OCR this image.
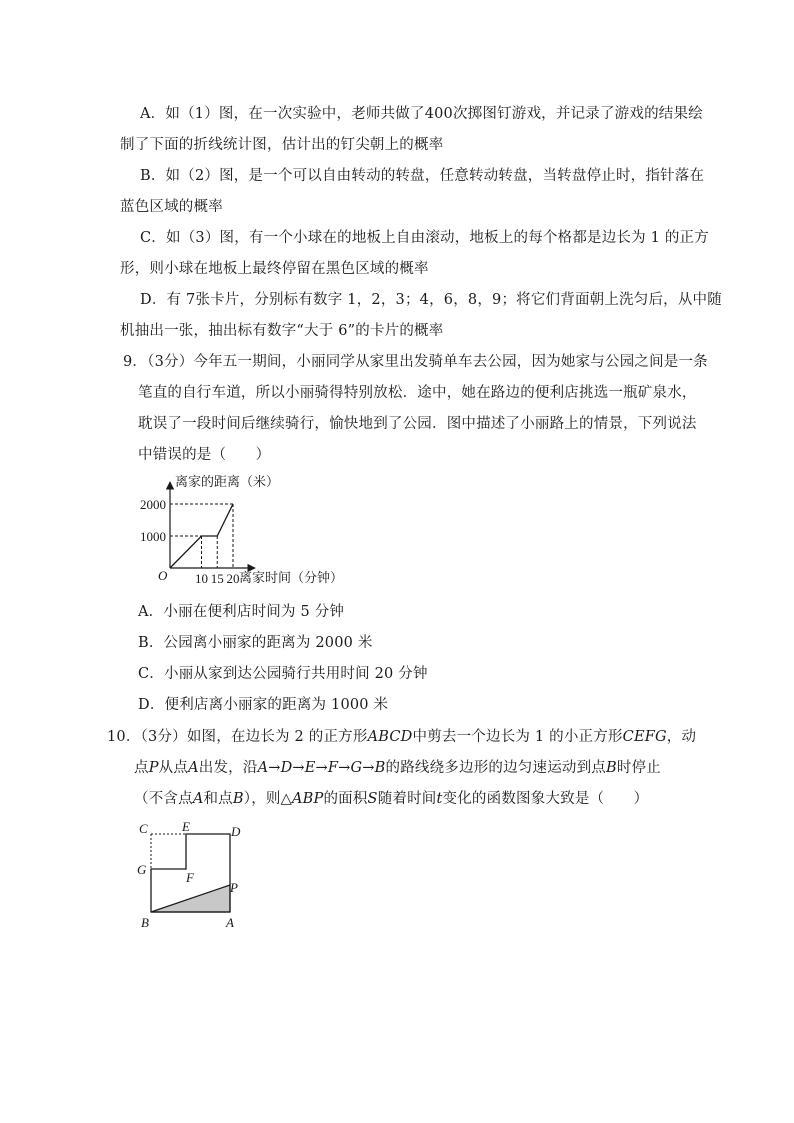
A．如（1）图，在一次实验中，老师共做了400次掷图钉游戏，并记录了游戏的结果绘
制了下面的折线统计图，估计出的钉尖朝上的概率
B．如（2）图，是一个可以自由转动的转盘，任意转动转盘，当转盘停止时，指针落在
蓝色区域的概率
C．如（3）图，有一个小球在的地板上自由滚动，地板上的每个格都是边长为 1 的正方
形，则小球在地板上最终停留在黑色区域的概率
D．有 7张卡片，分别标有数字 1，2，3；4，6，8，9；将它们背面朝上洗匀后，从中随
机抽出一张，抽出标有数字“大于 6”的卡片的概率
9．（3分）今年五一期间，小丽同学从家里出发骑单车去公园，因为她家与公园之间是一条
笔直的自行车道，所以小丽骑得特别放松．途中，她在路边的便利店挑选一瓶矿泉水，
耽误了一段时间后继续骑行，愉快地到了公园．图中描述了小丽路上的情景，下列说法
中错误的是（　　）
离家的距离（米）
离家时间（分钟）
O
1000
2000
10 15 20
A．小丽在便利店时间为 5 分钟
B．公园离小丽家的距离为 2000 米
C．小丽从家到达公园骑行共用时间 20 分钟
D．便利店离小丽家的距离为 1000 米
10．（3分）如图，在边长为 2 的正方形ABCD中剪去一个边长为 1 的小正方形CEFG，动
点P从点A出发，沿A→D→E→F→G→B的路线绕多边形的边匀速运动到点B时停止
（不含点A和点B），则△ABP的面积S随着时间t变化的函数图象大致是（　　）
C	E	D
G
F
P
B	A
